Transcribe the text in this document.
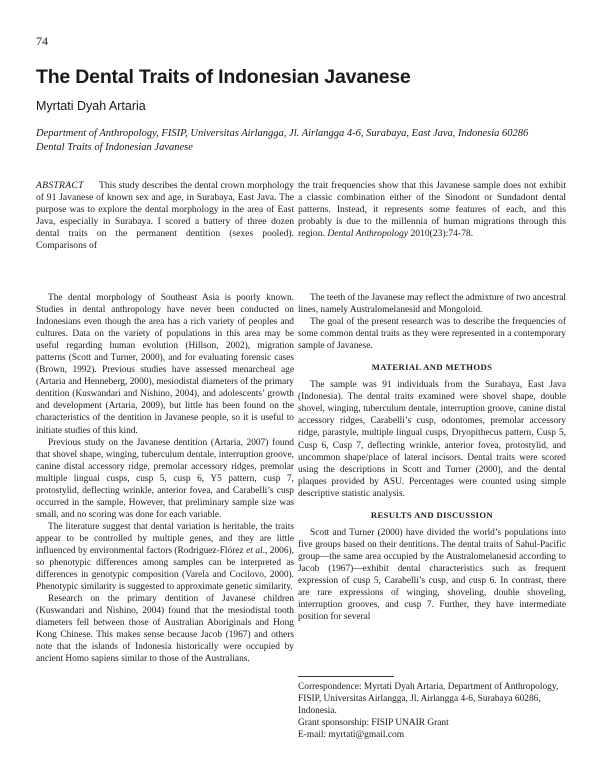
74
The Dental Traits of Indonesian Javanese
Myrtati Dyah Artaria
Department of Anthropology, FISIP, Universitas Airlangga, Jl. Airlangga 4-6, Surabaya, East Java, Indonesia 60286
Dental Traits of Indonesian Javanese

ABSTRACT This study describes the dental crown morphology of 91 Javanese of known sex and age, in Surabaya, East Java. The purpose was to explore the dental morphology in the area of East Java, especially in Surabaya. I scored a battery of three dozen dental traits on the permanent dentition (sexes pooled). Comparisons of

the trait frequencies show that this Javanese sample does not exhibit a classic combination either of the Sinodont or Sundadont dental patterns. Instead, it represents some features of each, and this probably is due to the millennia of human migrations through this region. Dental Anthropology 2010(23):74-78.

The dental morphology of Southeast Asia is poorly known. Studies in dental anthropology have never been conducted on Indonesians even though the area has a rich variety of peoples and cultures. Data on the variety of populations in this area may be useful regarding human evolution (Hillson, 2002), migration patterns (Scott and Turner, 2000), and for evaluating forensic cases (Brown, 1992). Previous studies have assessed menarcheal age (Artaria and Henneberg, 2000), mesiodistal diameters of the primary dentition (Kuswandari and Nishino, 2004), and adolescents’ growth and development (Artaria, 2009), but little has been found on the characteristics of the dentition in Javanese people, so it is useful to initiate studies of this kind.

Previous study on the Javanese dentition (Artaria, 2007) found that shovel shape, winging, tuberculum dentale, interruption groove, canine distal accessory ridge, premolar accessory ridges, premolar multiple lingual cusps, cusp 5, cusp 6, Y5 pattern, cusp 7, protostylid, deflecting wrinkle, anterior fovea, and Carabelli’s cusp occurred in the sample. However, that preliminary sample size was small, and no scoring was done for each variable.

The literature suggest that dental variation is heritable, the traits appear to be controlled by multiple genes, and they are little influenced by environmental factors (Rodriguez-Flórez et al., 2006), so phenotypic differences among samples can be interpreted as differences in genotypic composition (Varela and Cocilovo, 2000). Phenotypic similarity is suggested to approximate genetic similarity.

Research on the primary dentition of Javanese children (Kuswandari and Nishino, 2004) found that the mesiodistal tooth diameters fell between those of Australian Aboriginals and Hong Kong Chinese. This makes sense because Jacob (1967) and others note that the islands of Indonesia historically were occupied by ancient Homo sapiens similar to those of the Australians.

The teeth of the Javanese may reflect the admixture of two ancestral lines, namely Australomelanesid and Mongoloid.

The goal of the present research was to describe the frequencies of some common dental traits as they were represented in a contemporary sample of Javanese.

MATERIAL AND METHODS

The sample was 91 individuals from the Surabaya, East Java (Indonesia). The dental traits examined were shovel shape, double shovel, winging, tuberculum dentale, interruption groove, canine distal accessory ridges, Carabelli’s cusp, odontomes, premolar accessory ridge, parastyle, multiple lingual cusps, Dryopithecus pattern, Cusp 5, Cusp 6, Cusp 7, deflecting wrinkle, anterior fovea, protostylid, and uncommon shape/place of lateral incisors. Dental traits were scored using the descriptions in Scott and Turner (2000), and the dental plaques provided by ASU. Percentages were counted using simple descriptive statistic analysis.

RESULTS AND DISCUSSION

Scott and Turner (2000) have divided the world’s populations into five groups based on their dentitions. The dental traits of Sahul-Pacific group—the same area occupied by the Australomelanesid according to Jacob (1967)—exhibit dental characteristics such as frequent expression of cusp 5, Carabelli’s cusp, and cusp 6. In contrast, there are rare expressions of winging, shoveling, double shoveling, interruption grooves, and cusp 7. Further, they have intermediate position for several

Correspondence: Myrtati Dyah Artaria, Department of Anthropology, FISIP, Universitas Airlangga, Jl. Airlangga 4-6, Surabaya 60286, Indonesia.
Grant sponsorship: FISIP UNAIR Grant
E-mail: myrtati@gmail.com
